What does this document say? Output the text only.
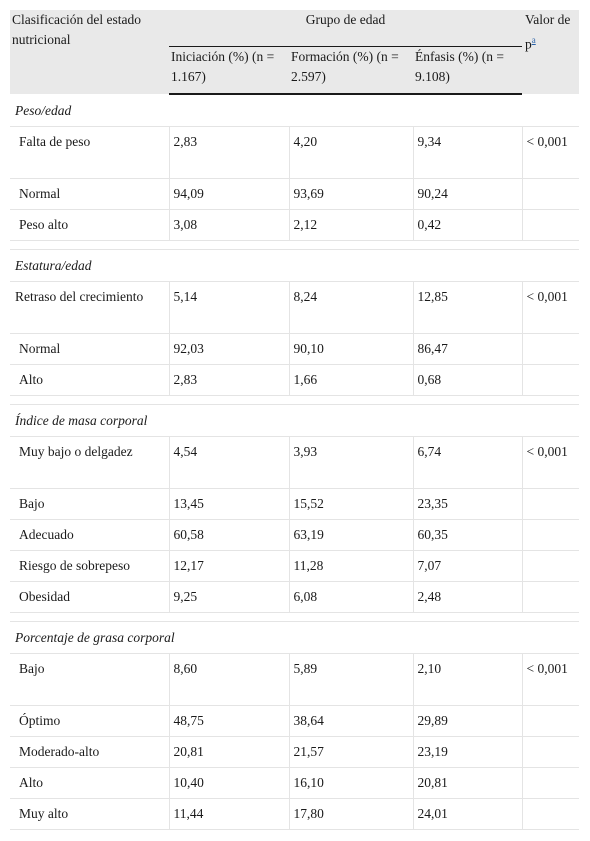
Clasificación del estado nutricional	Grupo de edad			Valor de $p^a$
	Iniciación (%) (n = 1.167)	Formación (%) (n = 2.597)	Énfasis (%) (n = 9.108)	
Peso/edad				
Falta de peso	2,83	4,20	9,34	< 0,001
Normal	94,09	93,69	90,24	
Peso alto	3,08	2,12	0,42	

Estatura/edad				
Retraso del crecimiento	5,14	8,24	12,85	< 0,001
Normal	92,03	90,10	86,47	
Alto	2,83	1,66	0,68	

Índice de masa corporal				
Muy bajo o delgadez	4,54	3,93	6,74	< 0,001
Bajo	13,45	15,52	23,35	
Adecuado	60,58	63,19	60,35	
Riesgo de sobrepeso	12,17	11,28	7,07	
Obesidad	9,25	6,08	2,48	

Porcentaje de grasa corporal				
Bajo	8,60	5,89	2,10	< 0,001
Óptimo	48,75	38,64	29,89	
Moderado-alto	20,81	21,57	23,19	
Alto	10,40	16,10	20,81	
Muy alto	11,44	17,80	24,01	
